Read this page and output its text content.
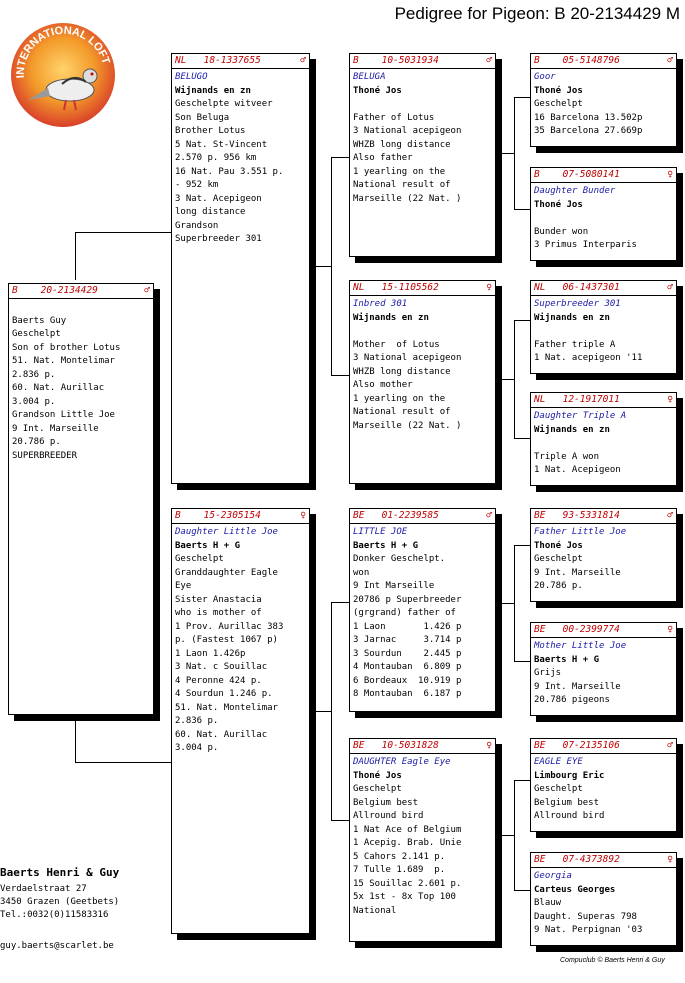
Pedigree for Pigeon: B 20-2134429 M
INTERNATIONAL LOFT
B    20-2134429	♂
Baerts Guy
Geschelpt
Son of brother Lotus
51. Nat. Montelimar
2.836 p.
60. Nat. Aurillac
3.004 p.
Grandson Little Joe
9 Int. Marseille
20.786 p.
SUPERBREEDER
NL   18-1337655	♂
BELUGO
Wijnands en zn
Geschelpte witveer
Son Beluga
Brother Lotus
5 Nat. St-Vincent
2.570 p. 956 km
16 Nat. Pau 3.551 p.
- 952 km
3 Nat. Acepigeon
long distance
Grandson
Superbreeder 301
B    15-2305154	♀
Daughter Little Joe
Baerts H + G
Geschelpt
Granddaughter Eagle
Eye
Sister Anastacia
who is mother of
1 Prov. Aurillac 383
p. (Fastest 1067 p)
1 Laon 1.426p
3 Nat. c Souillac
4 Peronne 424 p.
4 Sourdun 1.246 p.
51. Nat. Montelimar
2.836 p.
60. Nat. Aurillac
3.004 p.
B    10-5031934	♂
BELUGA
Thoné Jos
Father of Lotus
3 National acepigeon
WHZB long distance
Also father
1 yearling on the
National result of
Marseille (22 Nat. )
NL   15-1105562	♀
Inbred 301
Wijnands en zn
Mother  of Lotus
3 National acepigeon
WHZB long distance
Also mother
1 yearling on the
National result of
Marseille (22 Nat. )
BE   01-2239585	♂
LITTLE JOE
Baerts H + G
Donker Geschelpt.
won
9 Int Marseille
20786 p Superbreeder
(grgrand) father of
1 Laon       1.426 p
3 Jarnac     3.714 p
3 Sourdun    2.445 p
4 Montauban  6.809 p
6 Bordeaux  10.919 p
8 Montauban  6.187 p
BE   10-5031828	♀
DAUGHTER Eagle Eye
Thoné Jos
Geschelpt
Belgium best
Allround bird
1 Nat Ace of Belgium
1 Acepig. Brab. Unie
5 Cahors 2.141 p.
7 Tulle 1.689  p.
15 Souillac 2.601 p.
5x 1st - 8x Top 100
National
B    05-5148796	♂
Goor
Thoné Jos
Geschelpt
16 Barcelona 13.502p
35 Barcelona 27.669p
B    07-5080141	♀
Daughter Bunder
Thoné Jos
Bunder won
3 Primus Interparis
NL   06-1437301	♂
Superbreeder 301
Wijnands en zn
Father triple A
1 Nat. acepigeon '11
NL   12-1917011	♀
Daughter Triple A
Wijnands en zn
Triple A won
1 Nat. Acepigeon
BE   93-5331814	♂
Father Little Joe
Thoné Jos
Geschelpt
9 Int. Marseille
20.786 p.
BE   00-2399774	♀
Mother Little Joe
Baerts H + G
Grijs
9 Int. Marseille
20.786 pigeons
BE   07-2135106	♂
EAGLE EYE
Limbourg Eric
Geschelpt
Belgium best
Allround bird
BE   07-4373892	♀
Georgia
Carteus Georges
Blauw
Daught. Superas 798
9 Nat. Perpignan '03
Baerts Henri & Guy
Verdaelstraat 27
3450 Grazen (Geetbets)
Tel.:0032(0)11583316
guy.baerts@scarlet.be
Compuclub © Baerts Henri & Guy
